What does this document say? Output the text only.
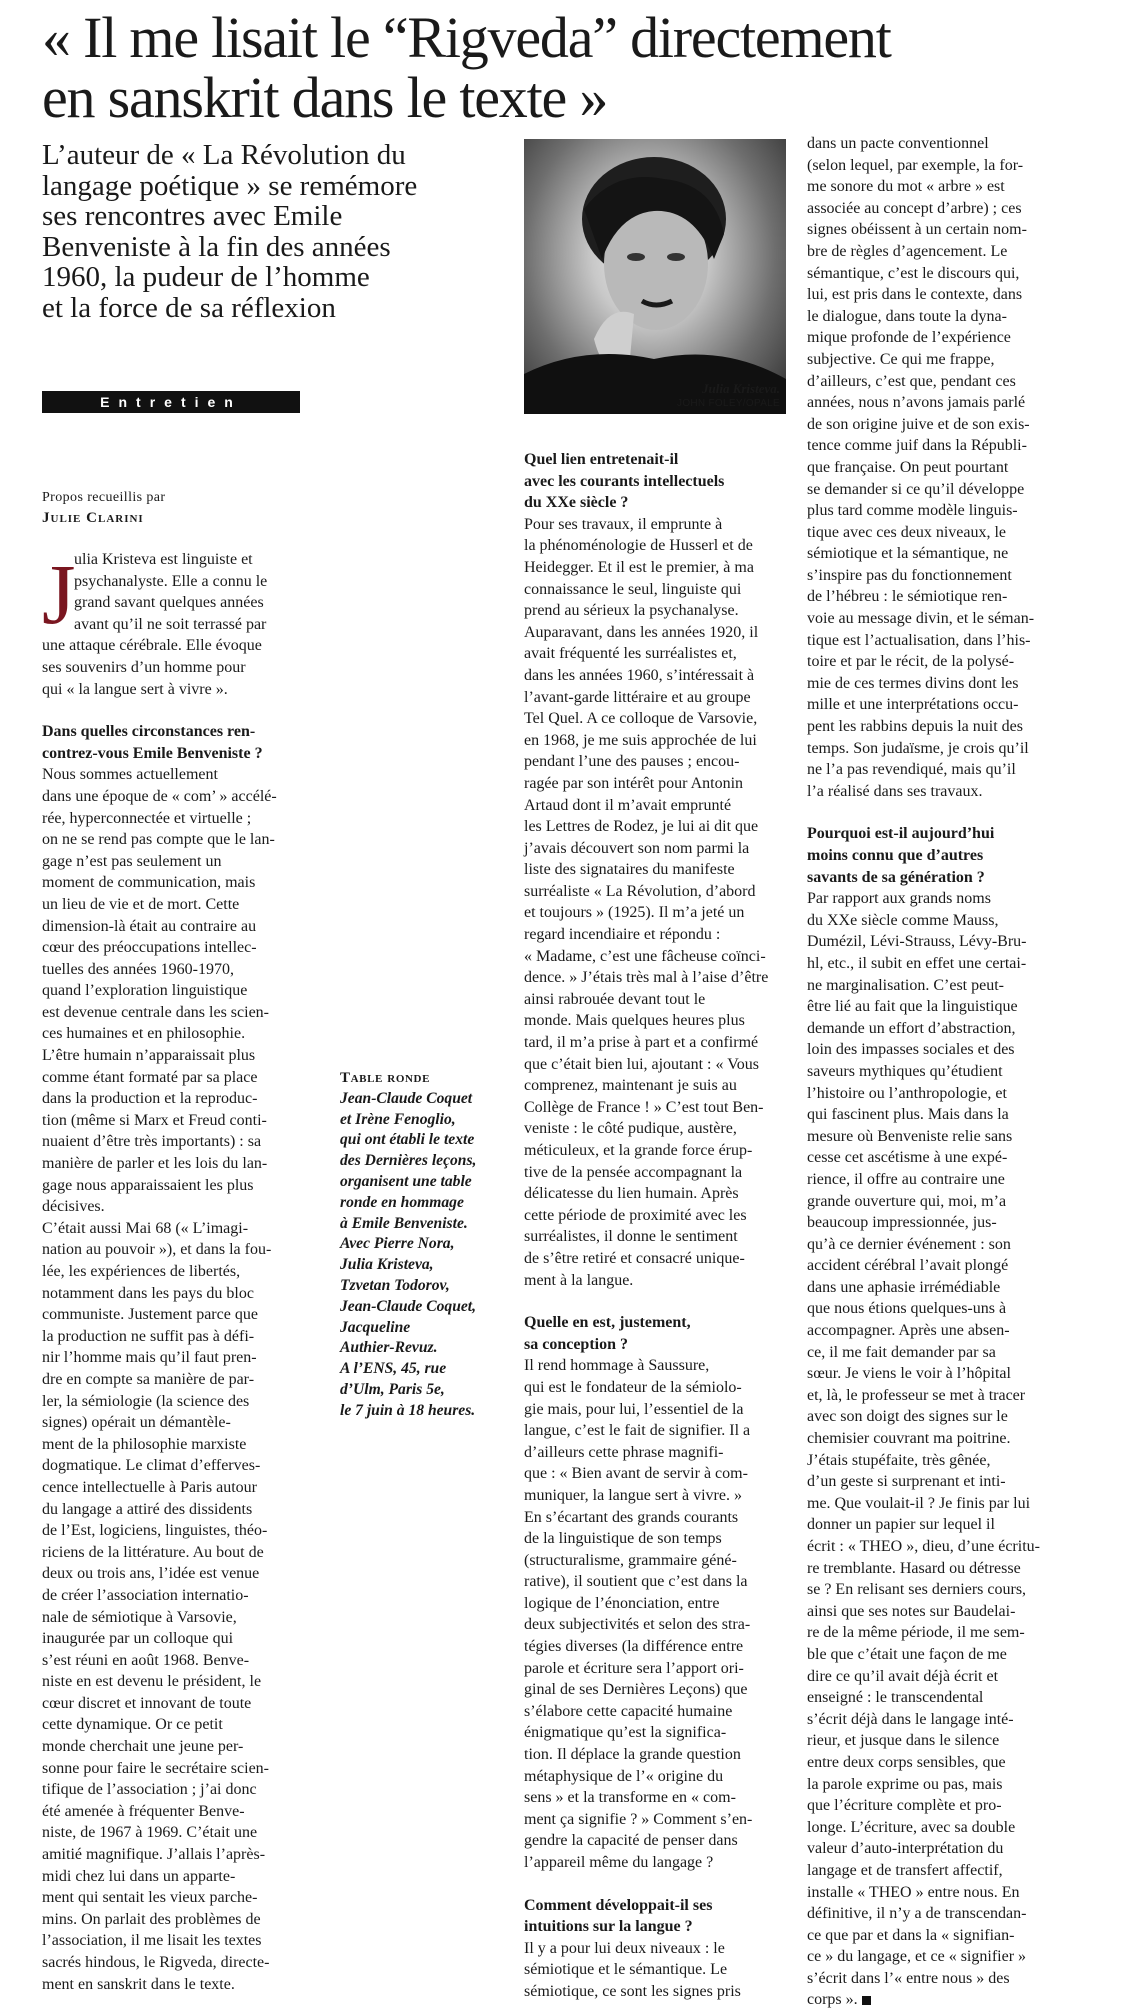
« Il me lisait le “Rigveda” directement
en sanskrit dans le texte »
L’auteur de « La Révolution du
langage poétique » se remémore
ses rencontres avec Emile
Benveniste à la fin des années
1960, la pudeur de l’homme
et la force de sa réflexion
Entretien
Propos recueillis par
Julie Clarini
J
ulia Kristeva est linguiste et
psychanalyste. Elle a connu le
grand savant quelques années
avant qu’il ne soit terrassé par
une attaque cérébrale. Elle évoque
ses souvenirs d’un homme pour
qui « la langue sert à vivre ».
Dans quelles circonstances ren-
contrez-vous Emile Benveniste ?
Nous sommes actuellement
dans une époque de « com’ » accélé-
rée, hyperconnectée et virtuelle ;
on ne se rend pas compte que le lan-
gage n’est pas seulement un
moment de communication, mais
un lieu de vie et de mort. Cette
dimension-là était au contraire au
cœur des préoccupations intellec-
tuelles des années 1960-1970,
quand l’exploration linguistique
est devenue centrale dans les scien-
ces humaines et en philosophie.
L’être humain n’apparaissait plus
comme étant formaté par sa place
dans la production et la reproduc-
tion (même si Marx et Freud conti-
nuaient d’être très importants) : sa
manière de parler et les lois du lan-
gage nous apparaissaient les plus
décisives.
C’était aussi Mai 68 (« L’imagi-
nation au pouvoir »), et dans la fou-
lée, les expériences de libertés,
notamment dans les pays du bloc
communiste. Justement parce que
la production ne suffit pas à défi-
nir l’homme mais qu’il faut pren-
dre en compte sa manière de par-
ler, la sémiologie (la science des
signes) opérait un démantèle-
ment de la philosophie marxiste
dogmatique. Le climat d’efferves-
cence intellectuelle à Paris autour
du langage a attiré des dissidents
de l’Est, logiciens, linguistes, théo-
riciens de la littérature. Au bout de
deux ou trois ans, l’idée est venue
de créer l’association internatio-
nale de sémiotique à Varsovie,
inaugurée par un colloque qui
s’est réuni en août 1968. Benve-
niste en est devenu le président, le
cœur discret et innovant de toute
cette dynamique. Or ce petit
monde cherchait une jeune per-
sonne pour faire le secrétaire scien-
tifique de l’association ; j’ai donc
été amenée à fréquenter Benve-
niste, de 1967 à 1969. C’était une
amitié magnifique. J’allais l’après-
midi chez lui dans un apparte-
ment qui sentait les vieux parche-
mins. On parlait des problèmes de
l’association, il me lisait les textes
sacrés hindous, le Rigveda, directe-
ment en sanskrit dans le texte.
Table ronde
Jean-Claude Coquet
et Irène Fenoglio,
qui ont établi le texte
des Dernières leçons,
organisent une table
ronde en hommage
à Emile Benveniste.
Avec Pierre Nora,
Julia Kristeva,
Tzvetan Todorov,
Jean-Claude Coquet,
Jacqueline
Authier-Revuz.
A l’ENS, 45, rue
d’Ulm, Paris 5e,
le 7 juin à 18 heures.
Julia Kristeva.
JOHN FOLEY/OPALE
Quel lien entretenait-il
avec les courants intellectuels
du XXe siècle ?
Pour ses travaux, il emprunte à
la phénoménologie de Husserl et de
Heidegger. Et il est le premier, à ma
connaissance le seul, linguiste qui
prend au sérieux la psychanalyse.
Auparavant, dans les années 1920, il
avait fréquenté les surréalistes et,
dans les années 1960, s’intéressait à
l’avant-garde littéraire et au groupe
Tel Quel. A ce colloque de Varsovie,
en 1968, je me suis approchée de lui
pendant l’une des pauses ; encou-
ragée par son intérêt pour Antonin
Artaud dont il m’avait emprunté
les Lettres de Rodez, je lui ai dit que
j’avais découvert son nom parmi la
liste des signataires du manifeste
surréaliste « La Révolution, d’abord
et toujours » (1925). Il m’a jeté un
regard incendiaire et répondu :
« Madame, c’est une fâcheuse coïnci-
dence. » J’étais très mal à l’aise d’être
ainsi rabrouée devant tout le
monde. Mais quelques heures plus
tard, il m’a prise à part et a confirmé
que c’était bien lui, ajoutant : « Vous
comprenez, maintenant je suis au
Collège de France ! » C’est tout Ben-
veniste : le côté pudique, austère,
méticuleux, et la grande force érup-
tive de la pensée accompagnant la
délicatesse du lien humain. Après
cette période de proximité avec les
surréalistes, il donne le sentiment
de s’être retiré et consacré unique-
ment à la langue.
Quelle en est, justement,
sa conception ?
Il rend hommage à Saussure,
qui est le fondateur de la sémiolo-
gie mais, pour lui, l’essentiel de la
langue, c’est le fait de signifier. Il a
d’ailleurs cette phrase magnifi-
que : « Bien avant de servir à com-
muniquer, la langue sert à vivre. »
En s’écartant des grands courants
de la linguistique de son temps
(structuralisme, grammaire géné-
rative), il soutient que c’est dans la
logique de l’énonciation, entre
deux subjectivités et selon des stra-
tégies diverses (la différence entre
parole et écriture sera l’apport ori-
ginal de ses Dernières Leçons) que
s’élabore cette capacité humaine
énigmatique qu’est la significa-
tion. Il déplace la grande question
métaphysique de l’« origine du
sens » et la transforme en « com-
ment ça signifie ? » Comment s’en-
gendre la capacité de penser dans
l’appareil même du langage ?
Comment développait-il ses
intuitions sur la langue ?
Il y a pour lui deux niveaux : le
sémiotique et le sémantique. Le
sémiotique, ce sont les signes pris
dans un pacte conventionnel
(selon lequel, par exemple, la for-
me sonore du mot « arbre » est
associée au concept d’arbre) ; ces
signes obéissent à un certain nom-
bre de règles d’agencement. Le
sémantique, c’est le discours qui,
lui, est pris dans le contexte, dans
le dialogue, dans toute la dyna-
mique profonde de l’expérience
subjective. Ce qui me frappe,
d’ailleurs, c’est que, pendant ces
années, nous n’avons jamais parlé
de son origine juive et de son exis-
tence comme juif dans la Républi-
que française. On peut pourtant
se demander si ce qu’il développe
plus tard comme modèle linguis-
tique avec ces deux niveaux, le
sémiotique et la sémantique, ne
s’inspire pas du fonctionnement
de l’hébreu : le sémiotique ren-
voie au message divin, et le séman-
tique est l’actualisation, dans l’his-
toire et par le récit, de la polysé-
mie de ces termes divins dont les
mille et une interprétations occu-
pent les rabbins depuis la nuit des
temps. Son judaïsme, je crois qu’il
ne l’a pas revendiqué, mais qu’il
l’a réalisé dans ses travaux.
Pourquoi est-il aujourd’hui
moins connu que d’autres
savants de sa génération ?
Par rapport aux grands noms
du XXe siècle comme Mauss,
Dumézil, Lévi-Strauss, Lévy-Bru-
hl, etc., il subit en effet une certai-
ne marginalisation. C’est peut-
être lié au fait que la linguistique
demande un effort d’abstraction,
loin des impasses sociales et des
saveurs mythiques qu’étudient
l’histoire ou l’anthropologie, et
qui fascinent plus. Mais dans la
mesure où Benveniste relie sans
cesse cet ascétisme à une expé-
rience, il offre au contraire une
grande ouverture qui, moi, m’a
beaucoup impressionnée, jus-
qu’à ce dernier événement : son
accident cérébral l’avait plongé
dans une aphasie irrémédiable
que nous étions quelques-uns à
accompagner. Après une absen-
ce, il me fait demander par sa
sœur. Je viens le voir à l’hôpital
et, là, le professeur se met à tracer
avec son doigt des signes sur le
chemisier couvrant ma poitrine.
J’étais stupéfaite, très gênée,
d’un geste si surprenant et inti-
me. Que voulait-il ? Je finis par lui
donner un papier sur lequel il
écrit : « THEO », dieu, d’une écritu-
re tremblante. Hasard ou détresse
se ? En relisant ses derniers cours,
ainsi que ses notes sur Baudelai-
re de la même période, il me sem-
ble que c’était une façon de me
dire ce qu’il avait déjà écrit et
enseigné : le transcendental
s’écrit déjà dans le langage inté-
rieur, et jusque dans le silence
entre deux corps sensibles, que
la parole exprime ou pas, mais
que l’écriture complète et pro-
longe. L’écriture, avec sa double
valeur d’auto-interprétation du
langage et de transfert affectif,
installe « THEO » entre nous. En
définitive, il n’y a de transcendan-
ce que par et dans la « signifian-
ce » du langage, et ce « signifier »
s’écrit dans l’« entre nous » des
corps ».
